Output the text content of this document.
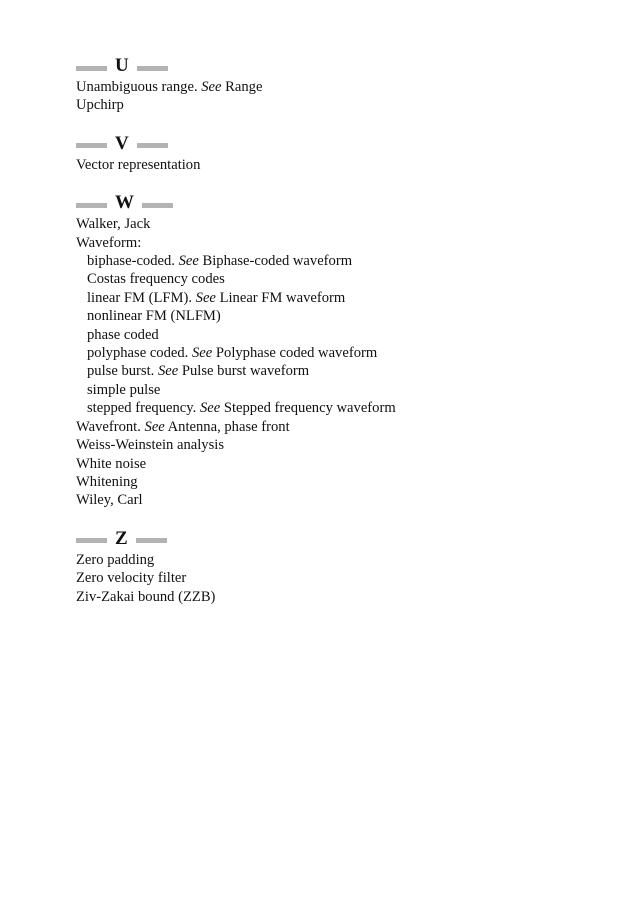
U
Unambiguous range. See Range
Upchirp
V
Vector representation
W
Walker, Jack
Waveform:
biphase-coded. See Biphase-coded waveform
Costas frequency codes
linear FM (LFM). See Linear FM waveform
nonlinear FM (NLFM)
phase coded
polyphase coded. See Polyphase coded waveform
pulse burst. See Pulse burst waveform
simple pulse
stepped frequency. See Stepped frequency waveform
Wavefront. See Antenna, phase front
Weiss-Weinstein analysis
White noise
Whitening
Wiley, Carl
Z
Zero padding
Zero velocity filter
Ziv-Zakai bound (ZZB)
